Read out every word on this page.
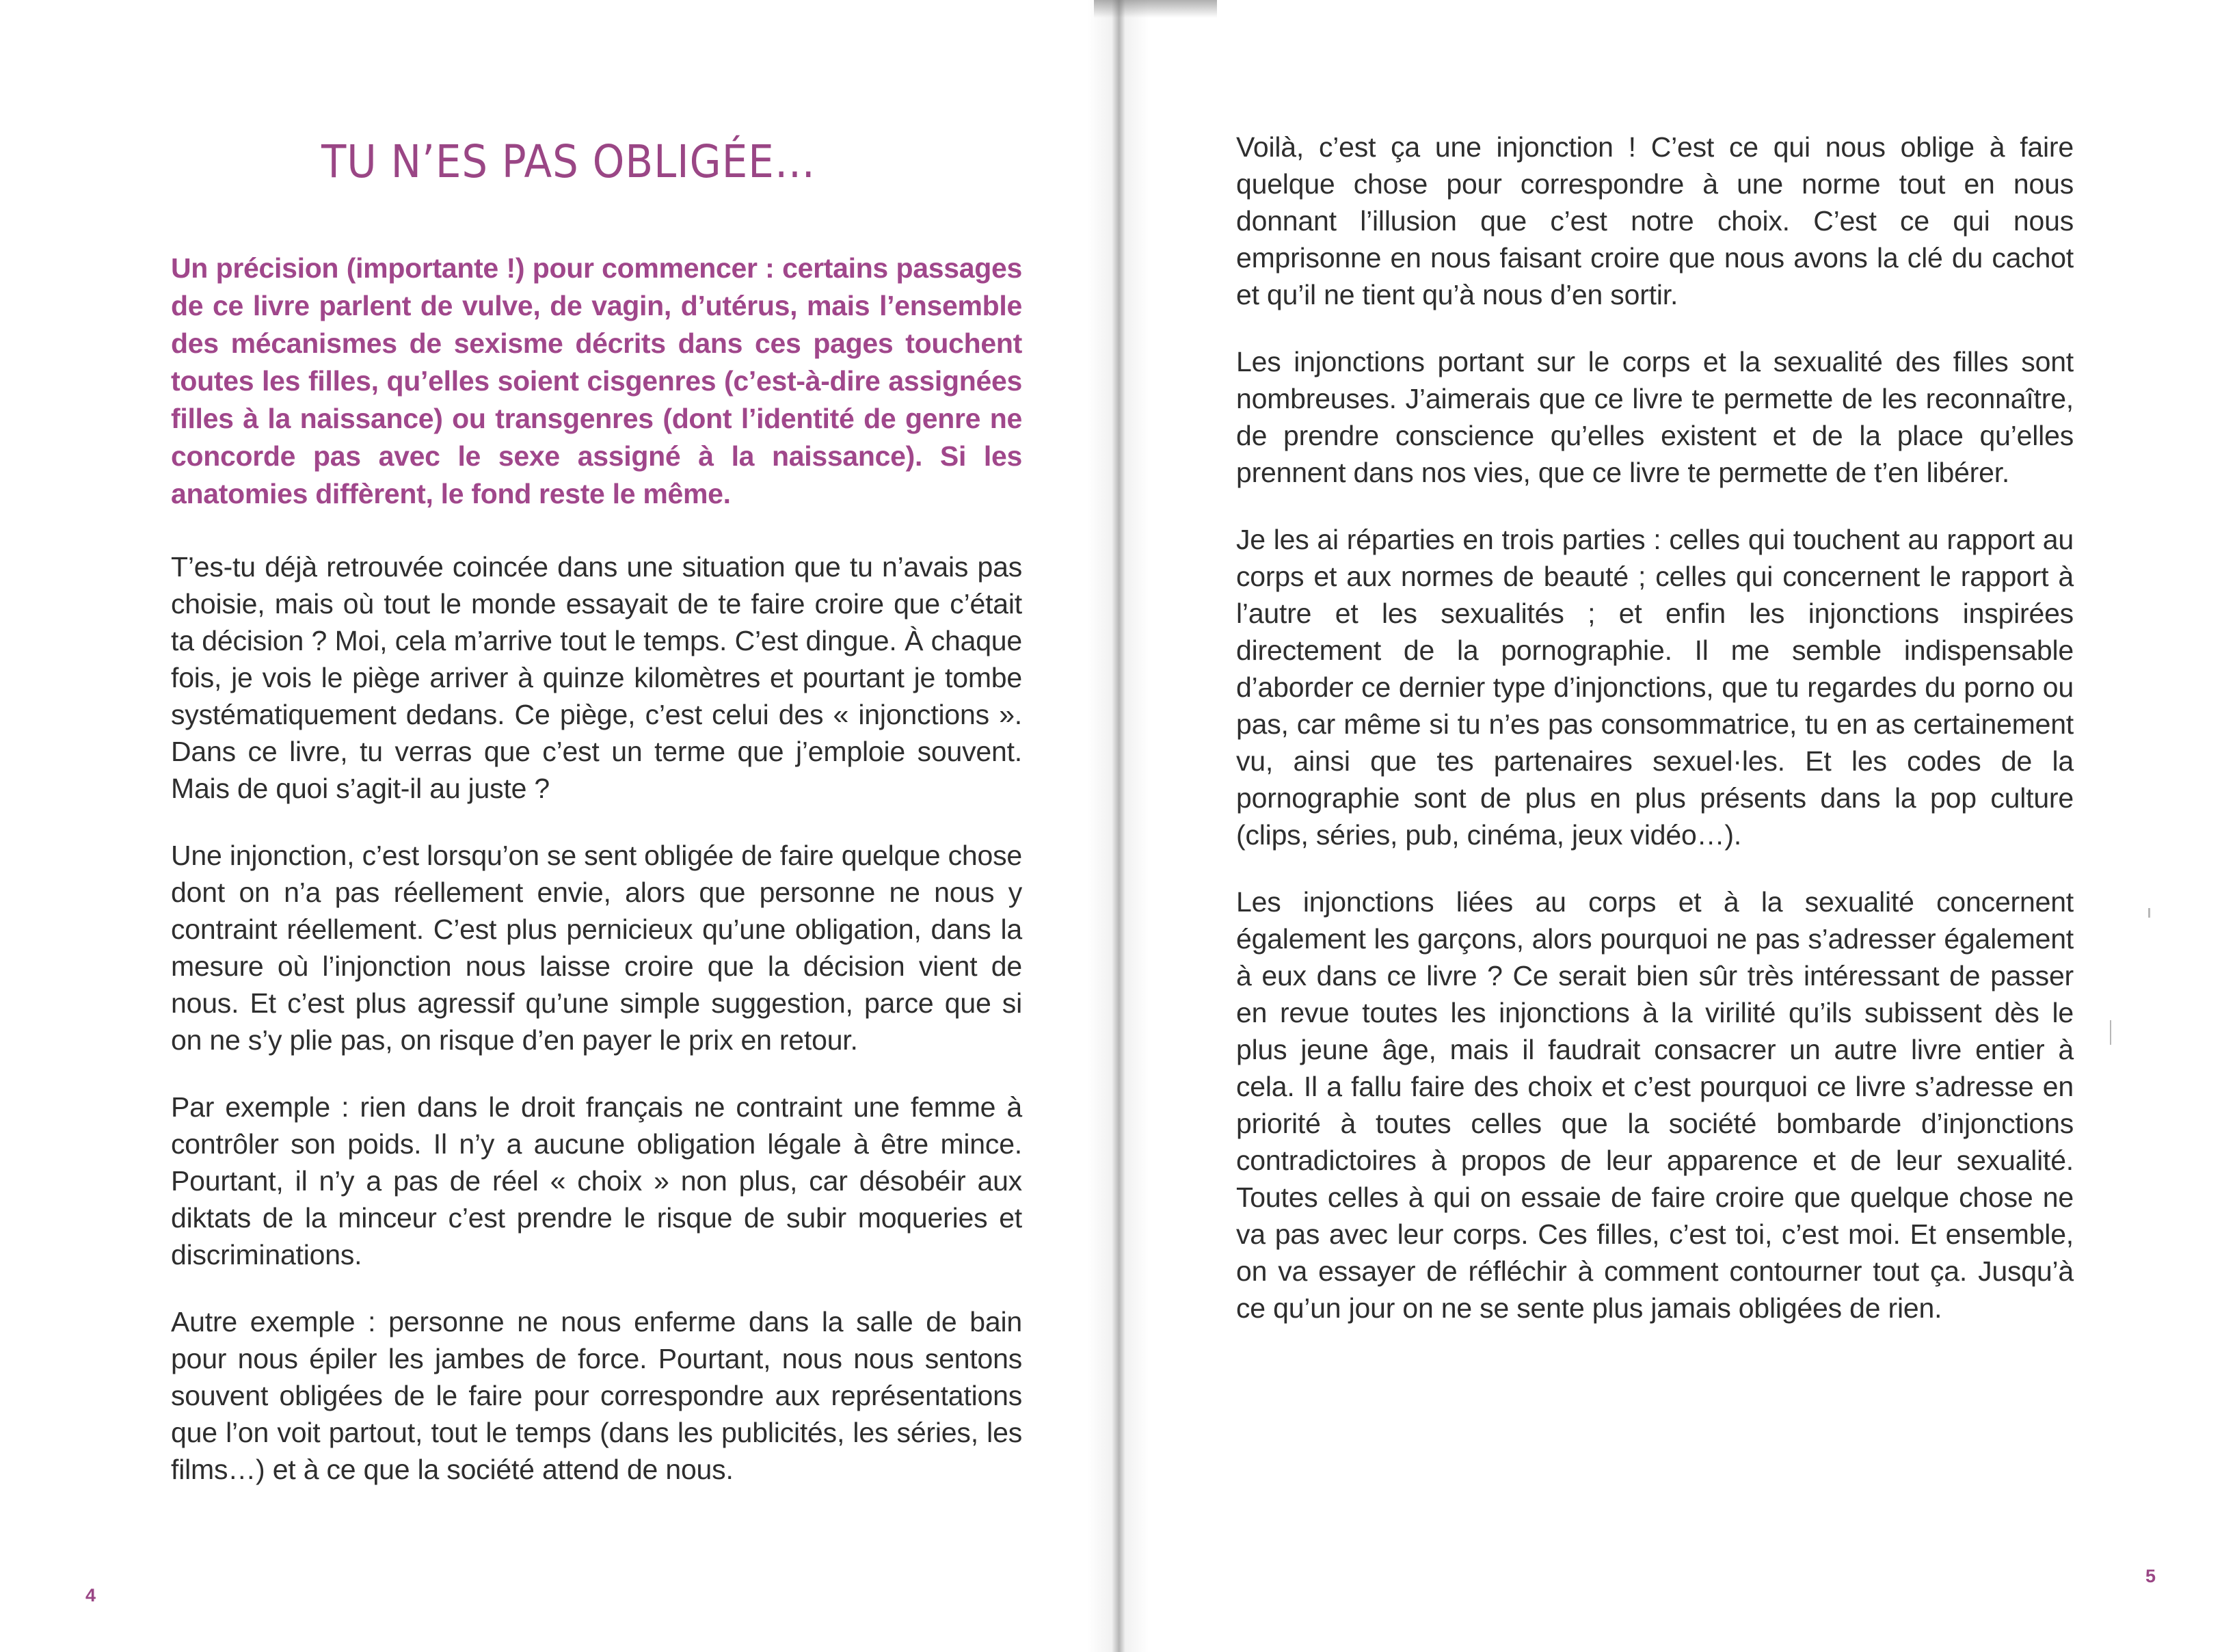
TU N’ES PAS OBLIGÉE…

Un précision (importante !) pour commencer : certains passages de ce livre parlent de vulve, de vagin, d’utérus, mais l’ensemble des mécanismes de sexisme décrits dans ces pages touchent toutes les filles, qu’elles soient cisgenres (c’est-à-dire assignées filles à la naissance) ou transgenres (dont l’identité de genre ne concorde pas avec le sexe assigné à la naissance). Si les anatomies diffèrent, le fond reste le même.

T’es-tu déjà retrouvée coincée dans une situation que tu n’avais pas choisie, mais où tout le monde essayait de te faire croire que c’était ta décision ? Moi, cela m’arrive tout le temps. C’est dingue. À chaque fois, je vois le piège arriver à quinze kilomètres et pourtant je tombe systématiquement dedans. Ce piège, c’est celui des « injonctions ». Dans ce livre, tu verras que c’est un terme que j’emploie souvent. Mais de quoi s’agit-il au juste ?

Une injonction, c’est lorsqu’on se sent obligée de faire quelque chose dont on n’a pas réellement envie, alors que personne ne nous y contraint réellement. C’est plus pernicieux qu’une obligation, dans la mesure où l’injonction nous laisse croire que la décision vient de nous. Et c’est plus agressif qu’une simple suggestion, parce que si on ne s’y plie pas, on risque d’en payer le prix en retour.

Par exemple : rien dans le droit français ne contraint une femme à contrôler son poids. Il n’y a aucune obligation légale à être mince. Pourtant, il n’y a pas de réel « choix » non plus, car désobéir aux diktats de la minceur c’est prendre le risque de subir moqueries et discriminations.

Autre exemple : personne ne nous enferme dans la salle de bain pour nous épiler les jambes de force. Pourtant, nous nous sentons souvent obligées de le faire pour correspondre aux représentations que l’on voit partout, tout le temps (dans les publicités, les séries, les films…) et à ce que la société attend de nous.

4
5

Voilà, c’est ça une injonction ! C’est ce qui nous oblige à faire quelque chose pour correspondre à une norme tout en nous donnant l’illusion que c’est notre choix. C’est ce qui nous emprisonne en nous faisant croire que nous avons la clé du cachot et qu’il ne tient qu’à nous d’en sortir.

Les injonctions portant sur le corps et la sexualité des filles sont nombreuses. J’aimerais que ce livre te permette de les reconnaître, de prendre conscience qu’elles existent et de la place qu’elles prennent dans nos vies, que ce livre te permette de t’en libérer.

Je les ai réparties en trois parties : celles qui touchent au rapport au corps et aux normes de beauté ; celles qui concernent le rapport à l’autre et les sexualités ; et enfin les injonctions inspirées directement de la pornographie. Il me semble indispensable d’aborder ce dernier type d’injonctions, que tu regardes du porno ou pas, car même si tu n’es pas consommatrice, tu en as certainement vu, ainsi que tes partenaires sexuel·les. Et les codes de la pornographie sont de plus en plus présents dans la pop culture (clips, séries, pub, cinéma, jeux vidéo…).

Les injonctions liées au corps et à la sexualité concernent également les garçons, alors pourquoi ne pas s’adresser également à eux dans ce livre ? Ce serait bien sûr très intéressant de passer en revue toutes les injonctions à la virilité qu’ils subissent dès le plus jeune âge, mais il faudrait consacrer un autre livre entier à cela. Il a fallu faire des choix et c’est pourquoi ce livre s’adresse en priorité à toutes celles que la société bombarde d’injonctions contradictoires à propos de leur apparence et de leur sexualité. Toutes celles à qui on essaie de faire croire que quelque chose ne va pas avec leur corps. Ces filles, c’est toi, c’est moi. Et ensemble, on va essayer de réfléchir à comment contourner tout ça. Jusqu’à ce qu’un jour on ne se sente plus jamais obligées de rien.
